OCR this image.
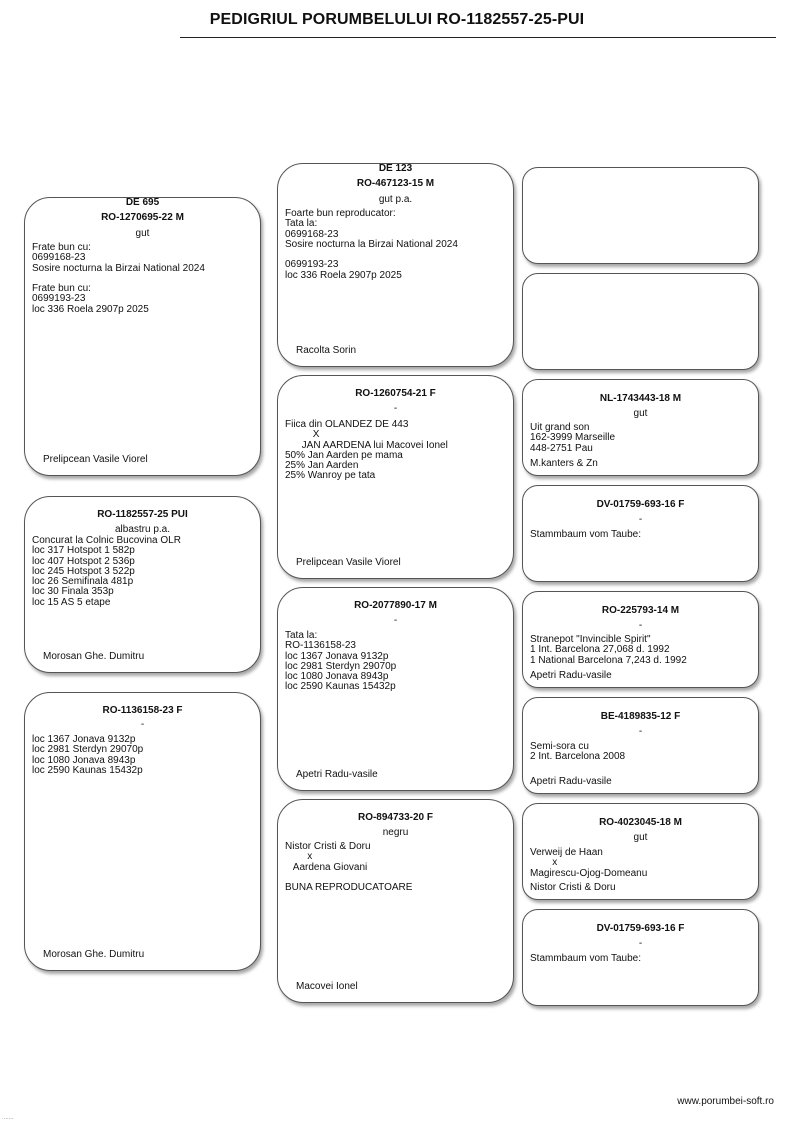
PEDIGRIUL PORUMBELULUI RO-1182557-25-PUI
DE 695
RO-1270695-22 M
gut
Frate bun cu:
0699168-23
Sosire nocturna la Birzai National 2024

Frate bun cu:
0699193-23
loc 336 Roela 2907p 2025
Prelipcean Vasile Viorel
RO-1182557-25 PUI
albastru p.a.
Concurat la Colnic Bucovina OLR
loc 317 Hotspot 1 582p
loc 407 Hotspot 2 536p
loc 245 Hotspot 3 522p
loc 26 Semifinala 481p
loc 30 Finala 353p
loc 15 AS 5 etape
Morosan Ghe. Dumitru
RO-1136158-23 F
-
loc 1367 Jonava 9132p
loc 2981 Sterdyn 29070p
loc 1080 Jonava 8943p
loc 2590 Kaunas 15432p
Morosan Ghe. Dumitru
DE 123
RO-467123-15 M
gut p.a.
Foarte bun reproducator:
Tata la:
0699168-23
Sosire nocturna la Birzai National 2024

0699193-23
loc 336 Roela 2907p 2025
Racolta Sorin
RO-1260754-21 F
-
Fiica din OLANDEZ DE 443
X
JAN AARDENA lui Macovei Ionel
50% Jan Aarden pe mama
25% Jan Aarden
25% Wanroy pe tata
Prelipcean Vasile Viorel
RO-2077890-17 M
-
Tata la:
RO-1136158-23
loc 1367 Jonava 9132p
loc 2981 Sterdyn 29070p
loc 1080 Jonava 8943p
loc 2590 Kaunas 15432p
Apetri Radu-vasile
RO-894733-20 F
negru
Nistor Cristi & Doru
x
Aardena Giovani

BUNA REPRODUCATOARE
Macovei Ionel
NL-1743443-18 M
gut
Uit grand son
162-3999 Marseille
448-2751 Pau
M.kanters & Zn
DV-01759-693-16 F
-
Stammbaum vom Taube:
RO-225793-14 M
-
Stranepot "Invincible Spirit"
1 Int. Barcelona 27,068 d. 1992
1 National Barcelona 7,243 d. 1992
Apetri Radu-vasile
BE-4189835-12 F
-
Semi-sora cu
2 Int. Barcelona 2008
Apetri Radu-vasile
RO-4023045-18 M
gut
Verweij de Haan
x
Magirescu-Ojog-Domeanu
Nistor Cristi & Doru
DV-01759-693-16 F
-
Stammbaum vom Taube:
www.porumbei-soft.ro
.......
